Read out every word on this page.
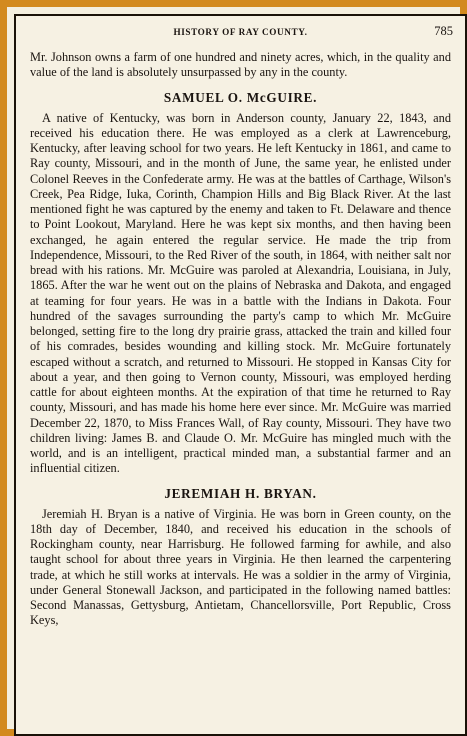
HISTORY OF RAY COUNTY.	785

Mr. Johnson owns a farm of one hundred and ninety acres, which, in the quality and value of the land is absolutely unsurpassed by any in the county.

SAMUEL O. McGUIRE.

A native of Kentucky, was born in Anderson county, January 22, 1843, and received his education there. He was employed as a clerk at Lawrenceburg, Kentucky, after leaving school for two years. He left Kentucky in 1861, and came to Ray county, Missouri, and in the month of June, the same year, he enlisted under Colonel Reeves in the Confederate army. He was at the battles of Carthage, Wilson's Creek, Pea Ridge, Iuka, Corinth, Champion Hills and Big Black River. At the last mentioned fight he was captured by the enemy and taken to Ft. Delaware and thence to Point Lookout, Maryland. Here he was kept six months, and then having been exchanged, he again entered the regular service. He made the trip from Independence, Missouri, to the Red River of the south, in 1864, with neither salt nor bread with his rations. Mr. McGuire was paroled at Alexandria, Louisiana, in July, 1865. After the war he went out on the plains of Nebraska and Dakota, and engaged at teaming for four years. He was in a battle with the Indians in Dakota. Four hundred of the savages surrounding the party's camp to which Mr. McGuire belonged, setting fire to the long dry prairie grass, attacked the train and killed four of his comrades, besides wounding and killing stock. Mr. McGuire fortunately escaped without a scratch, and returned to Missouri. He stopped in Kansas City for about a year, and then going to Vernon county, Missouri, was employed herding cattle for about eighteen months. At the expiration of that time he returned to Ray county, Missouri, and has made his home here ever since. Mr. McGuire was married December 22, 1870, to Miss Frances Wall, of Ray county, Missouri. They have two children living: James B. and Claude O. Mr. McGuire has mingled much with the world, and is an intelligent, practical minded man, a substantial farmer and an influential citizen.

JEREMIAH H. BRYAN.

Jeremiah H. Bryan is a native of Virginia. He was born in Green county, on the 18th day of December, 1840, and received his education in the schools of Rockingham county, near Harrisburg. He followed farming for awhile, and also taught school for about three years in Virginia. He then learned the carpentering trade, at which he still works at intervals. He was a soldier in the army of Virginia, under General Stonewall Jackson, and participated in the following named battles: Second Manassas, Gettysburg, Antietam, Chancellorsville, Port Republic, Cross Keys,
